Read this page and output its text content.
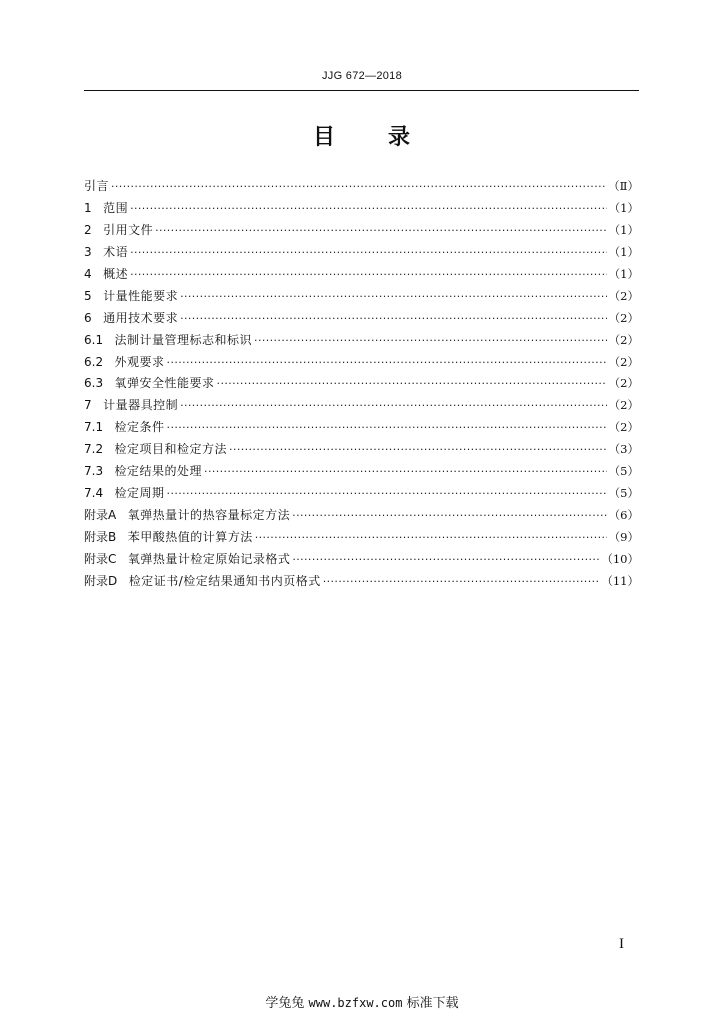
JJG 672—2018
目 录
引言 ·····	（Ⅱ）
1 范围 ·····	（1）
2 引用文件 ·····	（1）
3 术语 ·····	（1）
4 概述 ·····	（1）
5 计量性能要求 ·····	（2）
6 通用技术要求 ·····	（2）
6.1 法制计量管理标志和标识 ·····	（2）
6.2 外观要求 ·····	（2）
6.3 氧弹安全性能要求 ·····	（2）
7 计量器具控制 ·····	（2）
7.1 检定条件 ·····	（2）
7.2 检定项目和检定方法 ·····	（3）
7.3 检定结果的处理 ·····	（5）
7.4 检定周期 ·····	（5）
附录A 氧弹热量计的热容量标定方法 ·····	（6）
附录B 苯甲酸热值的计算方法 ·····	（9）
附录C 氧弹热量计检定原始记录格式 ·····	（10）
附录D 检定证书/检定结果通知书内页格式 ·····	（11）
I
学兔兔 www.bzfxw.com 标准下载
